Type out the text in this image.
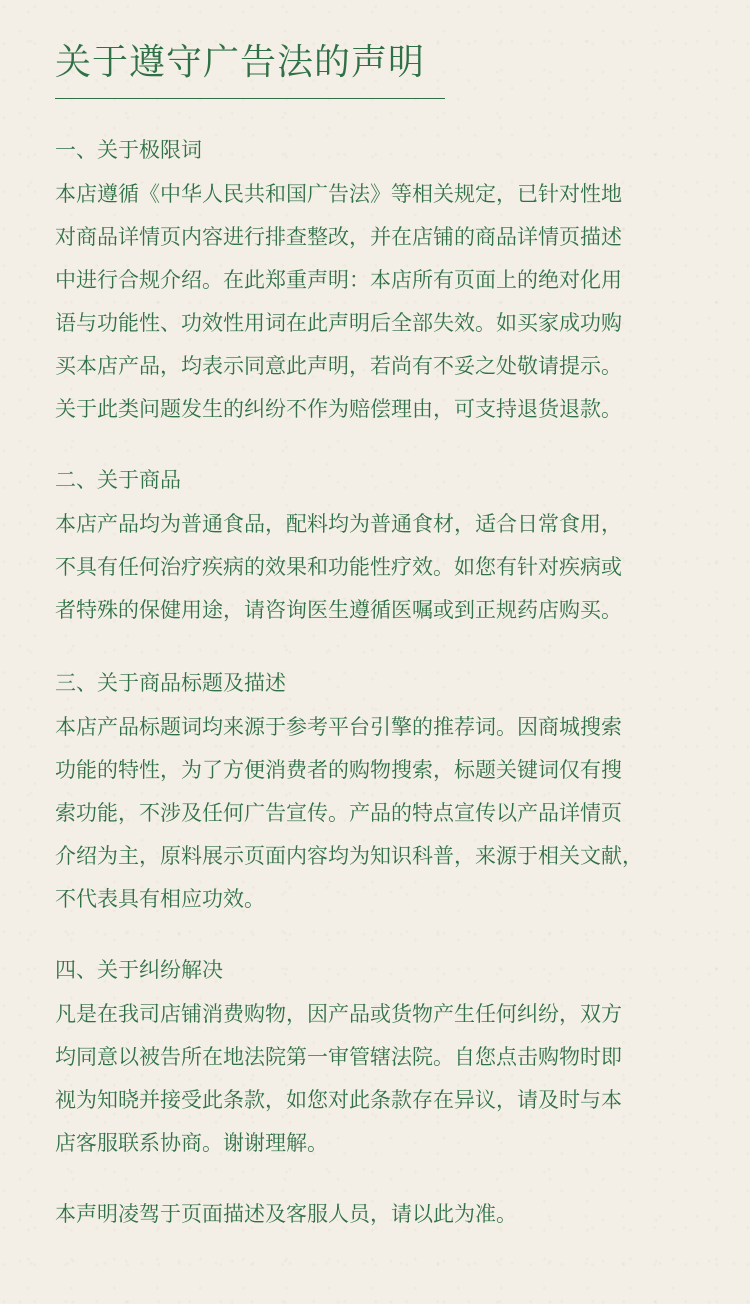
关于遵守广告法的声明
一、关于极限词

本店遵循《中华人民共和国广告法》等相关规定，已针对性地
对商品详情页内容进行排查整改，并在店铺的商品详情页描述
中进行合规介绍。在此郑重声明：本店所有页面上的绝对化用
语与功能性、功效性用词在此声明后全部失效。如买家成功购
买本店产品，均表示同意此声明，若尚有不妥之处敬请提示。
关于此类问题发生的纠纷不作为赔偿理由，可支持退货退款。

二、关于商品

本店产品均为普通食品，配料均为普通食材，适合日常食用，
不具有任何治疗疾病的效果和功能性疗效。如您有针对疾病或
者特殊的保健用途，请咨询医生遵循医嘱或到正规药店购买。

三、关于商品标题及描述

本店产品标题词均来源于参考平台引擎的推荐词。因商城搜索
功能的特性，为了方便消费者的购物搜索，标题关键词仅有搜
索功能，不涉及任何广告宣传。产品的特点宣传以产品详情页
介绍为主，原料展示页面内容均为知识科普，来源于相关文献，
不代表具有相应功效。

四、关于纠纷解决

凡是在我司店铺消费购物，因产品或货物产生任何纠纷，双方
均同意以被告所在地法院第一审管辖法院。自您点击购物时即
视为知晓并接受此条款，如您对此条款存在异议，请及时与本
店客服联系协商。谢谢理解。

本声明凌驾于页面描述及客服人员，请以此为准。
